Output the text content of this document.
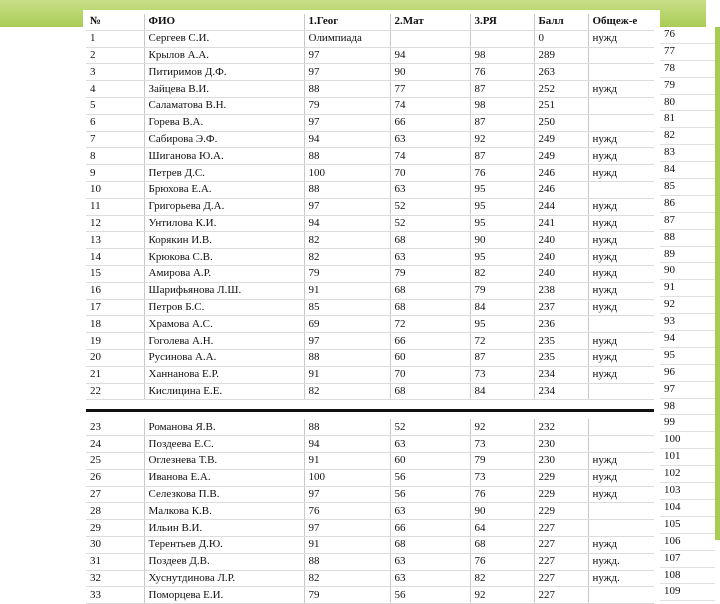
№	ФИО	1.Геог	2.Мат	3.РЯ	Балл	Общеж-е
1	Сергеев С.И.	Олимпиада			0	нужд
2	Крылов А.А.	97	94	98	289	
3	Питиримов Д.Ф.	97	90	76	263	
4	Зайцева В.И.	88	77	87	252	нужд
5	Саламатова В.Н.	79	74	98	251	
6	Горева В.А.	97	66	87	250	
7	Сабирова Э.Ф.	94	63	92	249	нужд
8	Шиганова Ю.А.	88	74	87	249	нужд
9	Петрев Д.С.	100	70	76	246	нужд
10	Брюхова Е.А.	88	63	95	246	
11	Григорьева Д.А.	97	52	95	244	нужд
12	Унтилова К.И.	94	52	95	241	нужд
13	Корякин И.В.	82	68	90	240	нужд
14	Крюкова С.В.	82	63	95	240	нужд
15	Амирова А.Р.	79	79	82	240	нужд
16	Шарифьянова Л.Ш.	91	68	79	238	нужд
17	Петров Б.С.	85	68	84	237	нужд
18	Храмова А.С.	69	72	95	236	
19	Гоголева А.Н.	97	66	72	235	нужд
20	Русинова А.А.	88	60	87	235	нужд
21	Ханнанова Е.Р.	91	70	73	234	нужд
22	Кислицина Е.Е.	82	68	84	234	

23	Романова Я.В.	88	52	92	232	
24	Поздеева Е.С.	94	63	73	230	
25	Оглезнева Т.В.	91	60	79	230	нужд
26	Иванова Е.А.	100	56	73	229	нужд
27	Селезкова П.В.	97	56	76	229	нужд
28	Малкова К.В.	76	63	90	229	
29	Ильин В.И.	97	66	64	227	
30	Терентьев Д.Ю.	91	68	68	227	нужд
31	Поздеев Д.В.	88	63	76	227	нужд.
32	Хуснутдинова Л.Р.	82	63	82	227	нужд.
33	Поморцева Е.И.	79	56	92	227	
76
77
78
79
80
81
82
83
84
85
86
87
88
89
90
91
92
93
94
95
96
97
98
99
100
101
102
103
104
105
106
107
108
109
